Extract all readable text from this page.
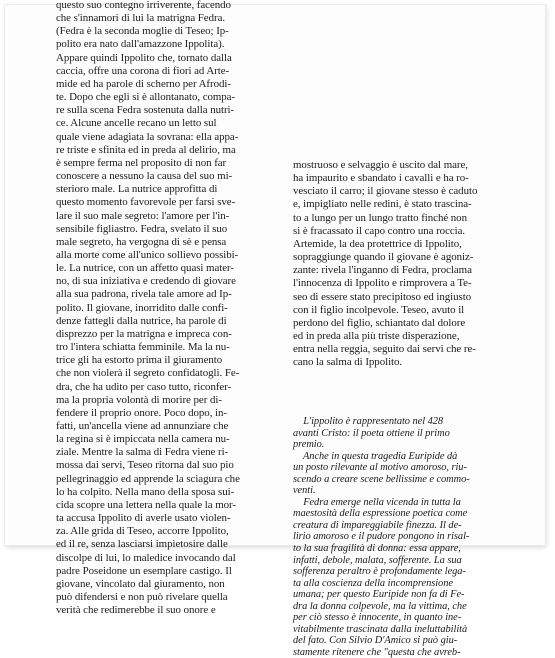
questo suo contegno irriverente, facendo

che s'innamori di lui la matrigna Fedra.

(Fedra è la seconda moglie di Teseo; Ip-

polito era nato dall'amazzone Ippolita).

Appare quindi Ippolito che, tornato dalla

caccia, offre una corona di fiori ad Arte-

mide ed ha parole di scherno per Afrodi-

te. Dopo che egli si è allontanato, compa-

re sulla scena Fedra sostenuta dalla nutri-

ce. Alcune ancelle recano un letto sul

quale viene adagiata la sovrana: ella appa-

re triste e sfinita ed in preda al delirio, ma

è sempre ferma nel proposito di non far

conoscere a nessuno la causa del suo mi-

sterioro male. La nutrice approfitta di

questo momento favorevole per farsi sve-

lare il suo male segreto: l'amore per l'in-

sensibile figliastro. Fedra, svelato il suo

male segreto, ha vergogna di sè e pensa

alla morte come all'unico sollievo possibi-

le. La nutrice, con un affetto quasi mater-

no, di sua iniziativa e credendo di giovare

alla sua padrona, rivela tale amore ad Ip-

polito. Il giovane, inorridito dalle confi-

denze fattegli dalla nutrice, ha parole di

disprezzo per la matrigna e impreca con-

tro l'intera schiatta femminile. Ma la nu-

trice gli ha estorto prima il giuramento

che non violerà il segreto confidatogli. Fe-

dra, che ha udito per caso tutto, riconfer-

ma la propria volontà di morire per di-

fendere il proprio onore. Poco dopo, in-

fatti, un'ancella viene ad annunziare che

la regina si è impiccata nella camera nu-

ziale. Mentre la salma di Fedra viene ri-

mossa dai servi, Teseo ritorna dal suo pio

pellegrinaggio ed apprende la sciagura che

lo ha colpito. Nella mano della sposa sui-

cida scopre una lettera nella quale la mor-

ta accusa Ippolito di averle usato violen-

za. Alle grida di Teseo, accorre Ippolito,

ed il re, senza lasciarsi impietosire dalle

discolpe di lui, lo maledice invocando dal

padre Poseidone un esemplare castigo. Il

giovane, vincolato dal giuramento, non

può difendersi e non può rivelare quella

verità che redimerebbe il suo onore e

mostruoso e selvaggio è uscito dal mare,

ha impaurito e sbandato i cavalli e ha ro-

vesciato il carro; il giovane stesso è caduto

e, impigliato nelle redini, è stato trascina-

to a lungo per un lungo tratto finché non

si è fracassato il capo contro una roccia.

Artemide, la dea protettrice di Ippolito,

sopraggiunge quando il giovane è agoniz-

zante: rivela l'inganno di Fedra, proclama

l'innocenza di Ippolito e rimprovera a Te-

seo di essere stato precipitoso ed ingiusto

con il figlio incolpevole. Teseo, avuto il

perdono del figlio, schiantato dal dolore

ed in preda alla più triste disperazione,

entra nella reggia, seguito dai servi che re-

cano la salma di Ippolito.

L'ippolito è rappresentato nel 428

avanti Cristo: il poeta ottiene il primo

premio.

Anche in questa tragedia Euripide dà

un posto rilevante al motivo amoroso, riu-

scendo a creare scene bellissime e commo-

venti.

Fedra emerge nella vicenda in tutta la

maestosità della espressione poetica come

creatura di impareggiabile finezza. Il de-

lirio amoroso e il pudore pongono in risal-

to la sua fragilità di donna: essa appare,

infatti, debole, malata, sofferente. La sua

sofferenza peraltro è profondamente lega-

ta alla coscienza della incomprensione

umana; per questo Euripide non fa di Fe-

dra la donna colpevole, ma la vittima, che

per ciò stesso è innocente, in quanto ine-

vitabilmente trascinata dalla ineluttabilità

del fato. Con Silvio D'Amico si può giu-

stamente ritenere che "questa che avreb-
